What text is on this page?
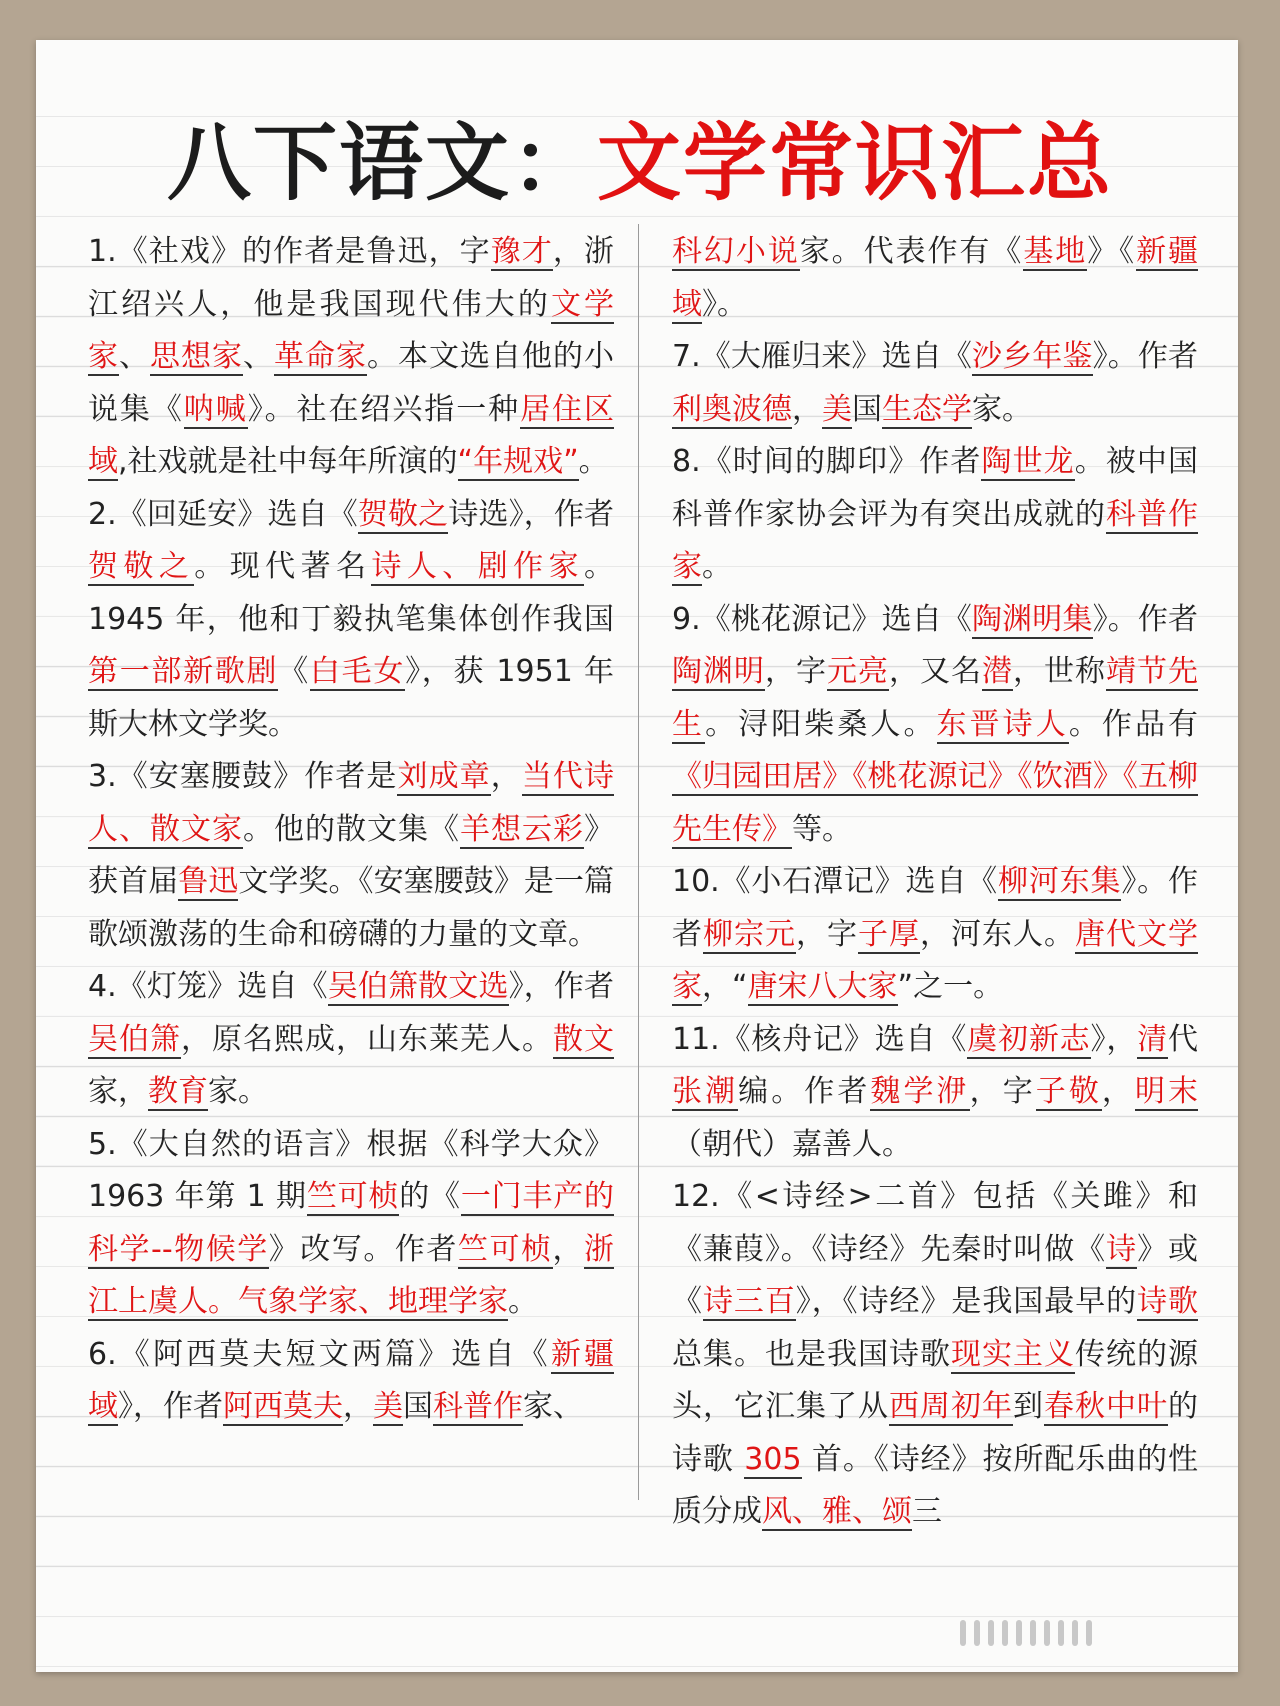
八下语文：文学常识汇总

1.《社戏》的作者是鲁迅，字豫才，浙江绍兴人，他是我国现代伟大的文学家、思想家、革命家。本文选自他的小说集《呐喊》。社在绍兴指一种居住区域,社戏就是社中每年所演的“年规戏”。

2.《回延安》选自《贺敬之诗选》，作者贺敬之。现代著名诗人、剧作家。1945 年，他和丁毅执笔集体创作我国第一部新歌剧《白毛女》，获 1951 年斯大林文学奖。

3.《安塞腰鼓》作者是刘成章，当代诗人、散文家。他的散文集《羊想云彩》获首届鲁迅文学奖。《安塞腰鼓》是一篇歌颂激荡的生命和磅礴的力量的文章。

4.《灯笼》选自《吴伯箫散文选》，作者吴伯箫，原名熙成，山东莱芜人。散文家，教育家。

5.《大自然的语言》根据《科学大众》1963 年第 1 期竺可桢的《一门丰产的科学--物候学》改写。作者竺可桢，浙江上虞人。气象学家、地理学家。

6.《阿西莫夫短文两篇》选自《新疆域》，作者阿西莫夫，美国科普作家、

科幻小说家。代表作有《基地》《新疆域》。

7.《大雁归来》选自《沙乡年鉴》。作者利奥波德，美国生态学家。

8.《时间的脚印》作者陶世龙。被中国科普作家协会评为有突出成就的科普作家。

9.《桃花源记》选自《陶渊明集》。作者陶渊明，字元亮，又名潜，世称靖节先生。浔阳柴桑人。东晋诗人。作品有《归园田居》《桃花源记》《饮酒》《五柳先生传》等。

10.《小石潭记》选自《柳河东集》。作者柳宗元，字子厚，河东人。唐代文学家，“唐宋八大家”之一。

11.《核舟记》选自《虞初新志》，清代张潮编。作者魏学洢，字子敬，明末（朝代）嘉善人。

12.《<诗经>二首》包括《关雎》和《蒹葭》。《诗经》先秦时叫做《诗》或《诗三百》，《诗经》是我国最早的诗歌总集。也是我国诗歌现实主义传统的源头，它汇集了从西周初年到春秋中叶的诗歌 305 首。《诗经》按所配乐曲的性质分成风、雅、颂三
